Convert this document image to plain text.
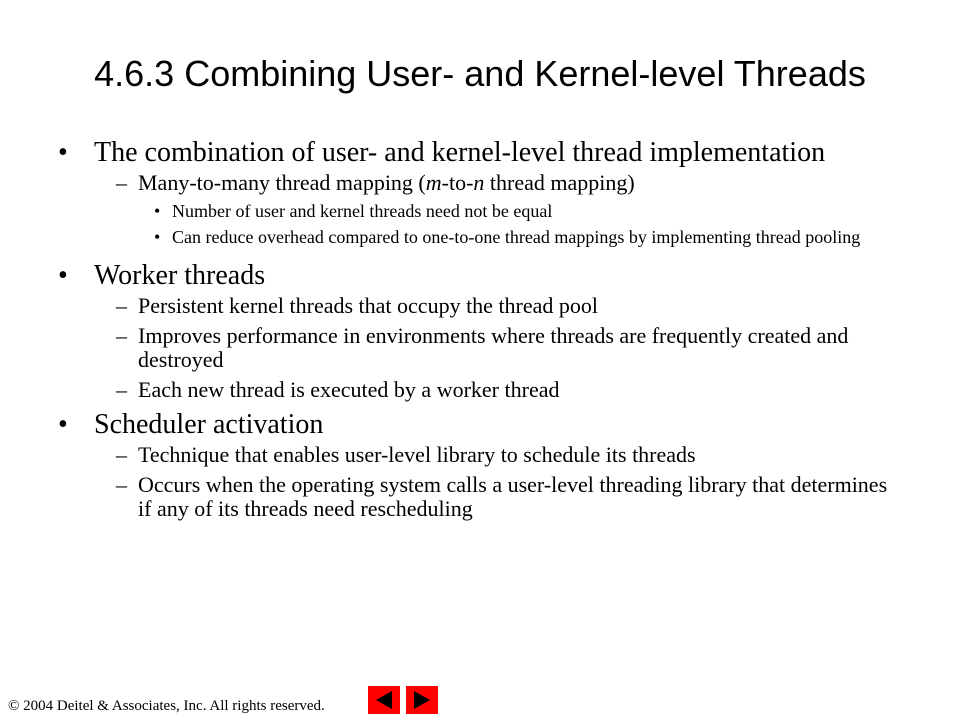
4.6.3 Combining User- and Kernel-level Threads
• The combination of user- and kernel-level thread implementation
– Many-to-many thread mapping (m-to-n thread mapping)
• Number of user and kernel threads need not be equal
• Can reduce overhead compared to one-to-one thread mappings by implementing thread pooling
• Worker threads
– Persistent kernel threads that occupy the thread pool
– Improves performance in environments where threads are frequently created and destroyed
– Each new thread is executed by a worker thread
• Scheduler activation
– Technique that enables user-level library to schedule its threads
– Occurs when the operating system calls a user-level threading library that determines if any of its threads need rescheduling
© 2004 Deitel & Associates, Inc. All rights reserved.
